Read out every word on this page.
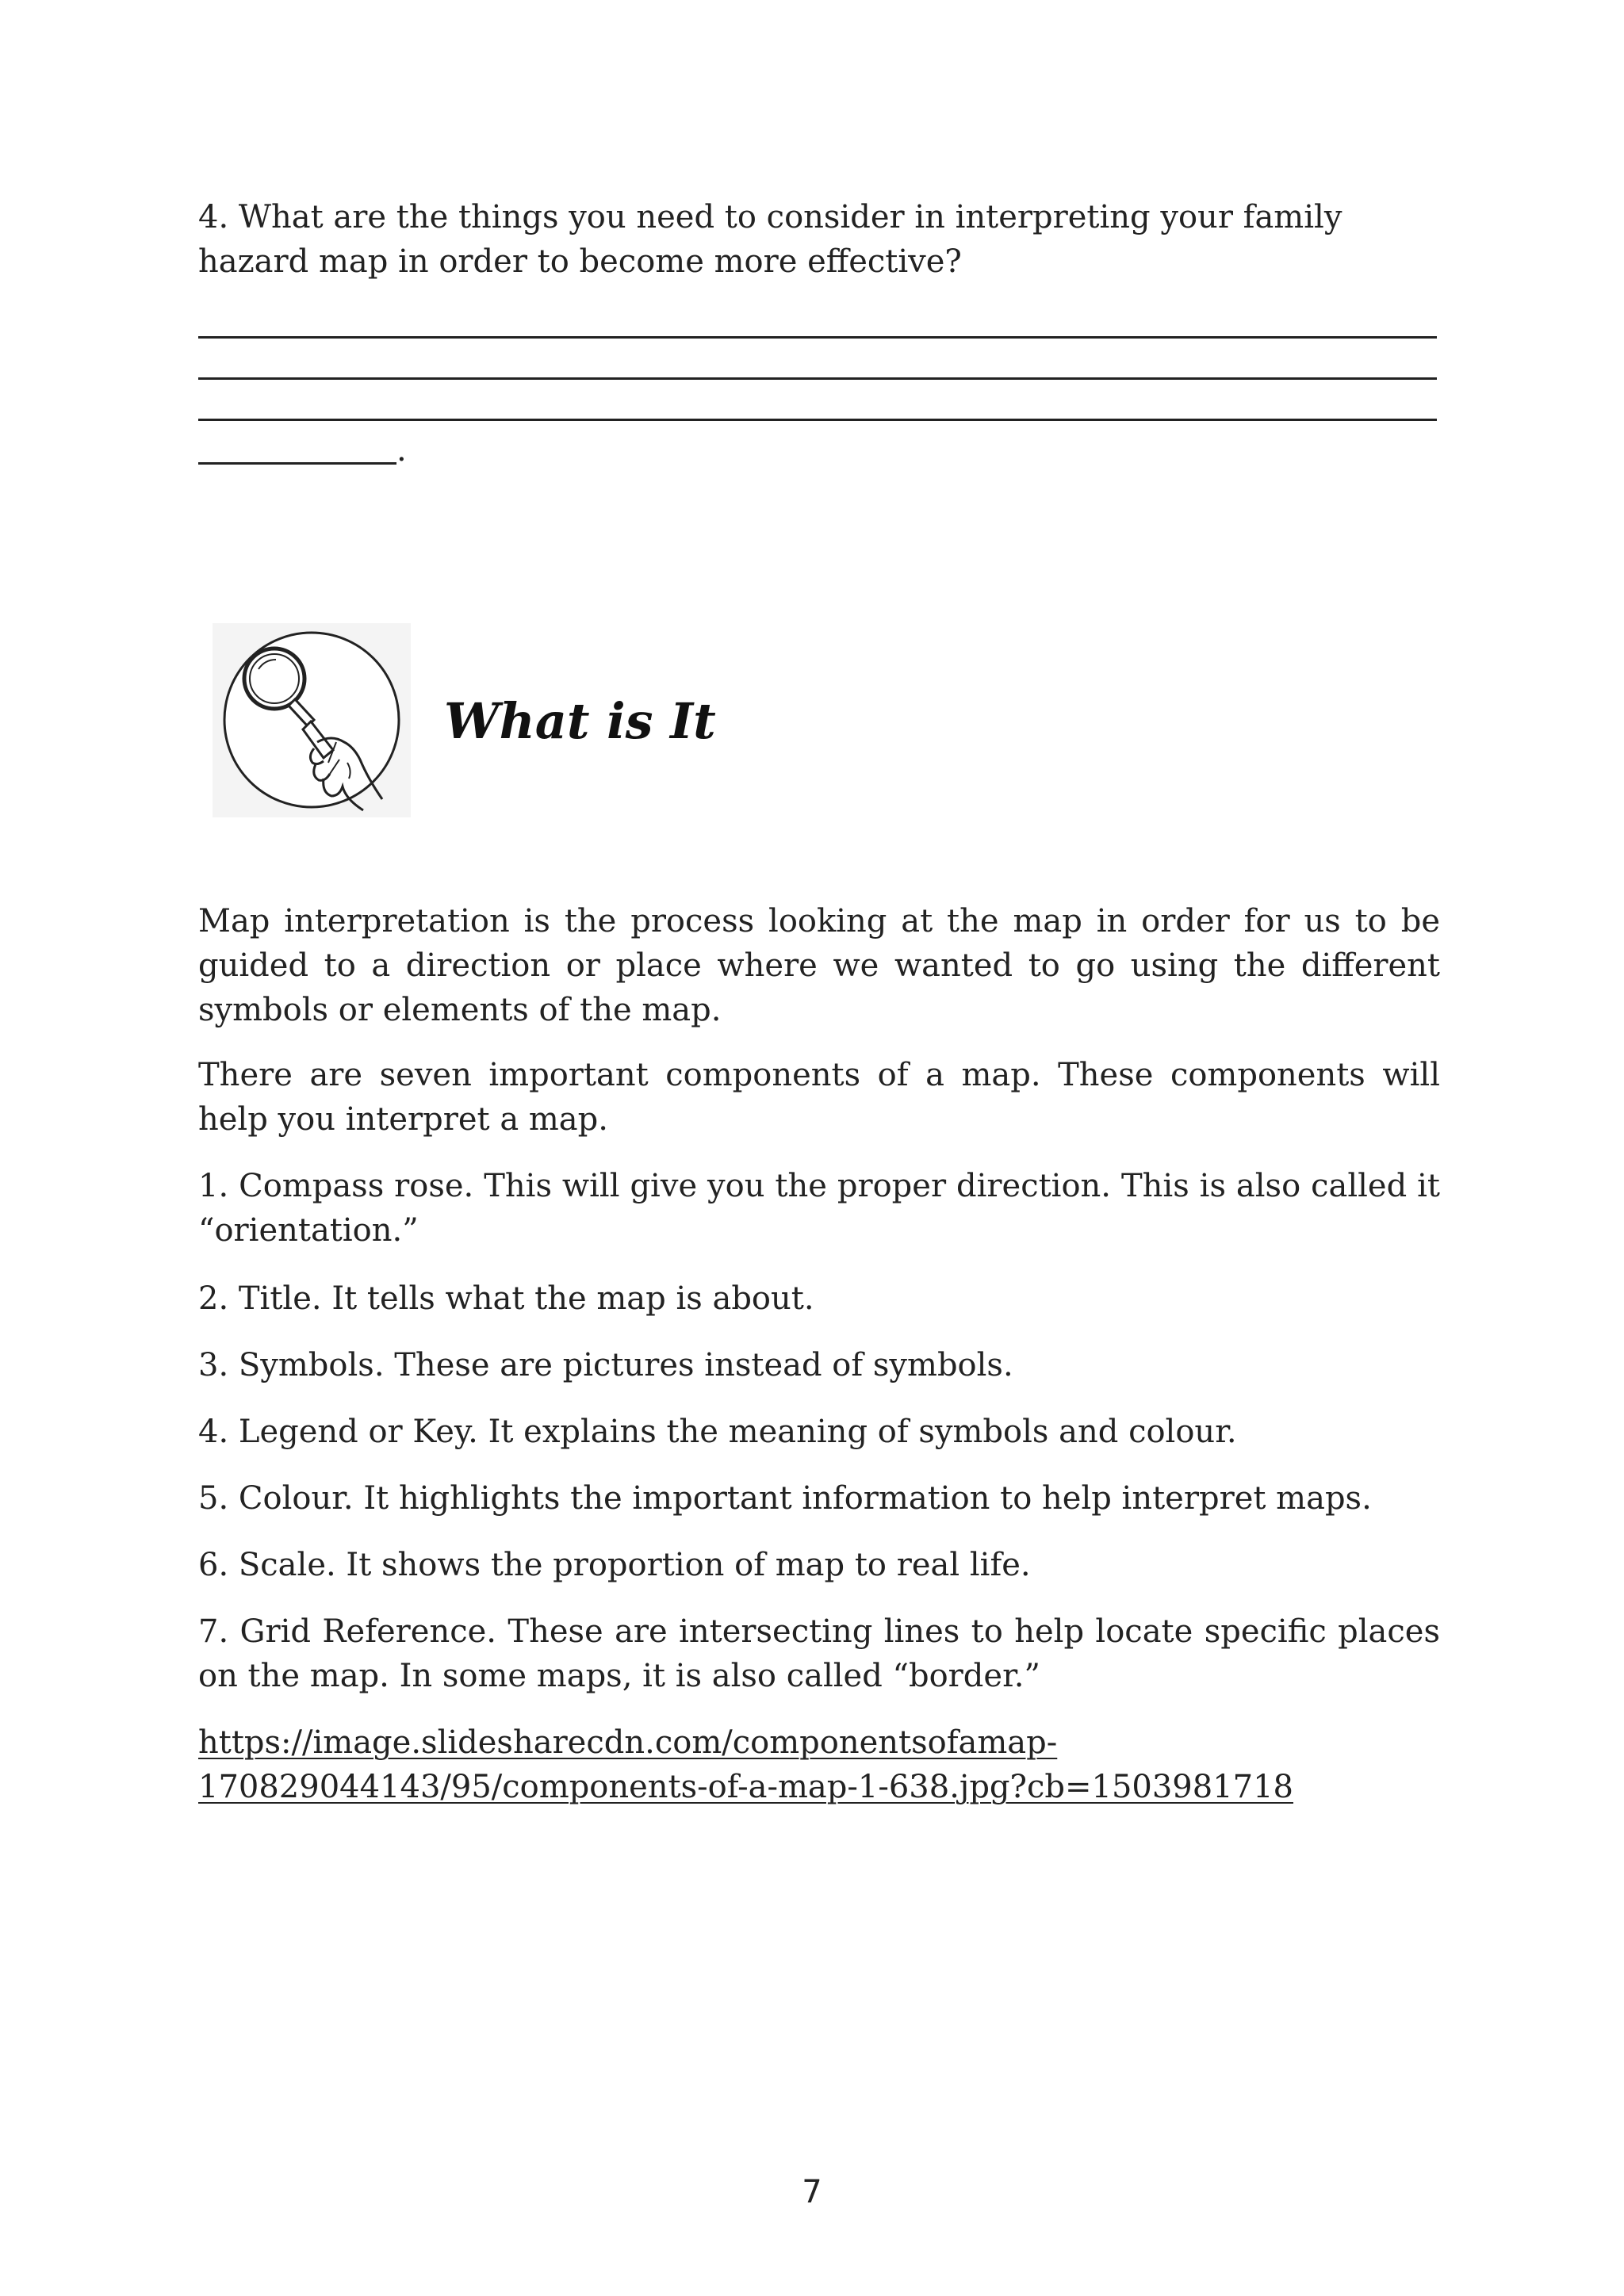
4. What are the things you need to consider in interpreting your family hazard map in order to become more effective?
.
What is It
Map interpretation is the process looking at the map in order for us to be guided to a direction or place where we wanted to go using the different symbols or elements of the map.
There are seven important components of a map. These components will help you interpret a map.
1. Compass rose. This will give you the proper direction. This is also called it “orientation.”
2. Title. It tells what the map is about.
3. Symbols. These are pictures instead of symbols.
4. Legend or Key. It explains the meaning of symbols and colour.
5. Colour. It highlights the important information to help interpret maps.
6. Scale. It shows the proportion of map to real life.
7. Grid Reference. These are intersecting lines to help locate specific places on the map. In some maps, it is also called “border.”
https://image.slidesharecdn.com/componentsofamap-
170829044143/95/components-of-a-map-1-638.jpg?cb=1503981718
7
